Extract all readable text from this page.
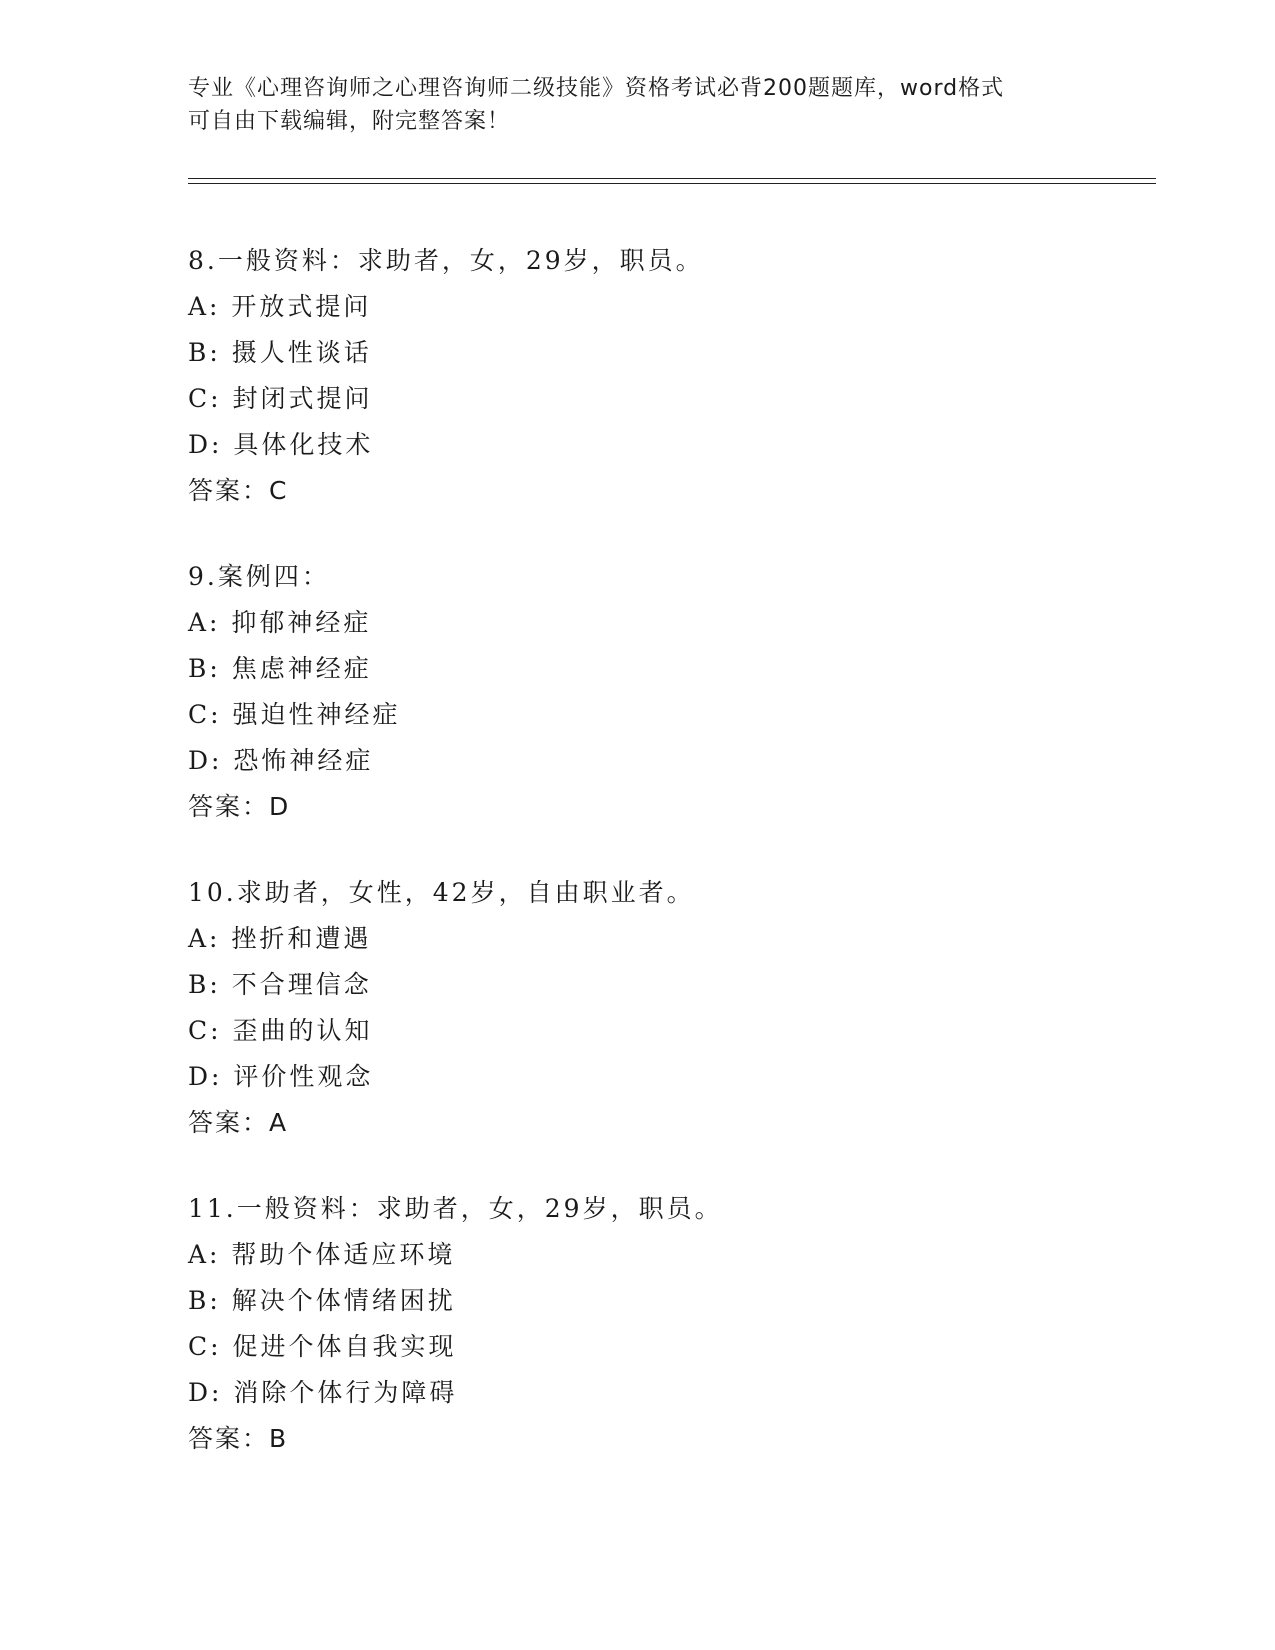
专业《心理咨询师之心理咨询师二级技能》资格考试必背200题题库，word格式
可自由下载编辑，附完整答案！
8.一般资料：求助者，女，29岁，职员。
A: 开放式提问
B: 摄人性谈话
C: 封闭式提问
D: 具体化技术
答案：C
9.案例四：
A: 抑郁神经症
B: 焦虑神经症
C: 强迫性神经症
D: 恐怖神经症
答案：D
10.求助者，女性，42岁，自由职业者。
A: 挫折和遭遇
B: 不合理信念
C: 歪曲的认知
D: 评价性观念
答案：A
11.一般资料：求助者，女，29岁，职员。
A: 帮助个体适应环境
B: 解决个体情绪困扰
C: 促进个体自我实现
D: 消除个体行为障碍
答案：B
